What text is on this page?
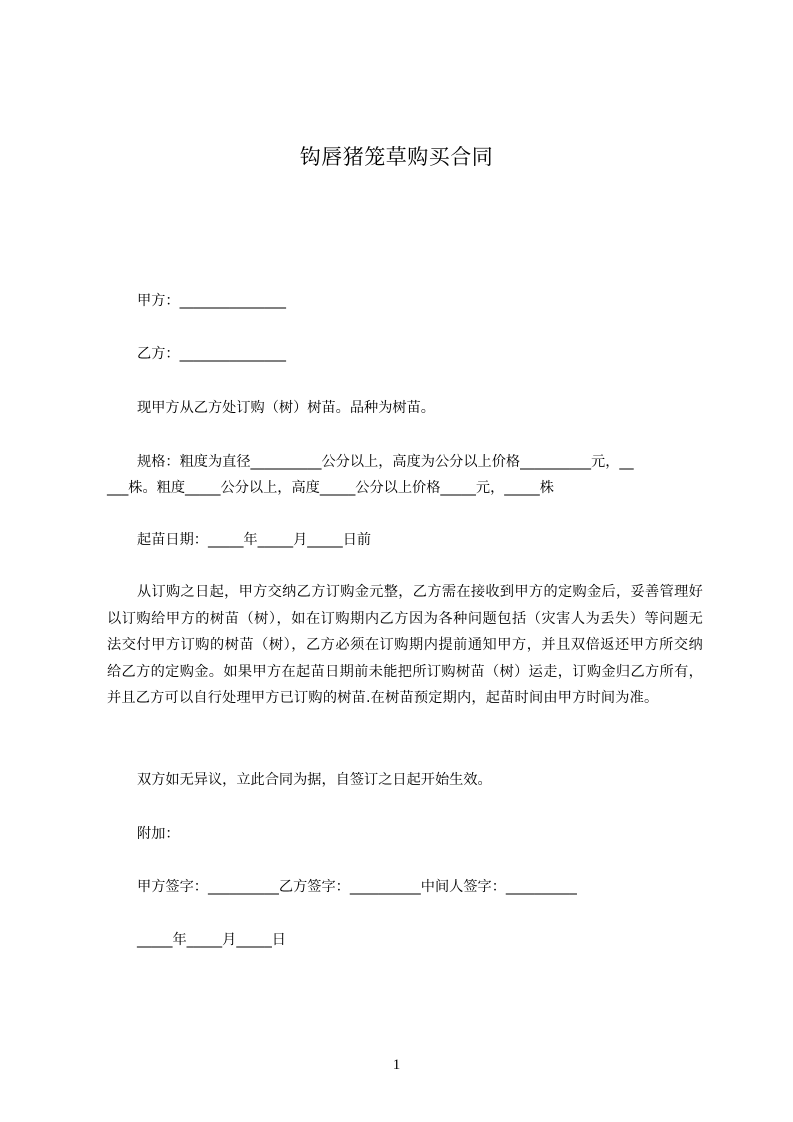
钩唇猪笼草购买合同
甲方：_______________
乙方：_______________
现甲方从乙方处订购（树）树苗。品种为树苗。
规格：粗度为直径__________公分以上，高度为公分以上价格__________元，__
___株。粗度_____公分以上，高度_____公分以上价格_____元，_____株
起苗日期：_____年_____月_____日前
从订购之日起，甲方交纳乙方订购金元整，乙方需在接收到甲方的定购金后，妥善管理好以订购给甲方的树苗（树），如在订购期内乙方因为各种问题包括（灾害人为丢失）等问题无法交付甲方订购的树苗（树），乙方必须在订购期内提前通知甲方，并且双倍返还甲方所交纳给乙方的定购金。如果甲方在起苗日期前未能把所订购树苗（树）运走，订购金归乙方所有，并且乙方可以自行处理甲方已订购的树苗.在树苗预定期内，起苗时间由甲方时间为准。
双方如无异议，立此合同为据，自签订之日起开始生效。
附加：
甲方签字：__________乙方签字：__________中间人签字：__________
_____年_____月_____日
1
